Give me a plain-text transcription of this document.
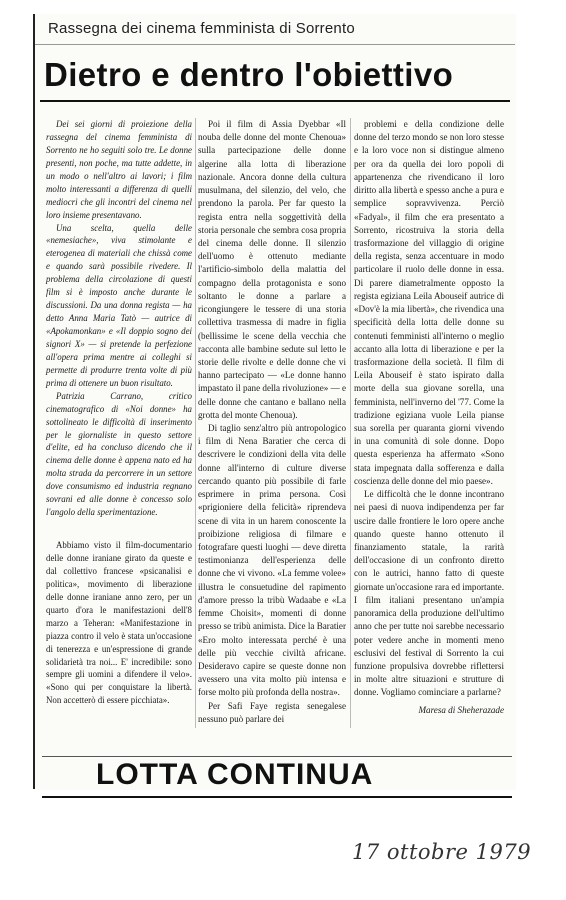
Rassegna dei cinema femminista di Sorrento
Dietro e dentro l'obiettivo

Dei sei giorni di proiezione della rassegna del cinema femminista di Sorrento ne ho seguiti solo tre. Le donne presenti, non poche, ma tutte addette, in un modo o nell'altro ai lavori; i film molto interessanti a differenza di quelli mediocri che gli incontri del cinema nel loro insieme presentavano.

Una scelta, quella delle «nemesiache», viva stimolante e eterogenea di materiali che chissà come e quando sarà possibile rivedere. Il problema della circolazione di questi film si è imposto anche durante le discussioni. Da una donna regista — ha detto Anna Maria Tatò — autrice di «Apokamonkan» e «Il doppio sogno dei signori X» — si pretende la perfezione all'opera prima mentre ai colleghi si permette di produrre trenta volte di più prima di ottenere un buon risultato.

Patrizia Carrano, critico cinematografico di «Noi donne» ha sottolineato le difficoltà di inserimento per le giornaliste in questo settore d'elite, ed ha concluso dicendo che il cinema delle donne è appena nato ed ha molta strada da percorrere in un settore dove consumismo ed industria regnano sovrani ed alle donne è concesso solo l'angolo della sperimentazione.

Abbiamo visto il film-documentario delle donne iraniane girato da queste e dal collettivo francese «psicanalisi e politica», movimento di liberazione delle donne iraniane anno zero, per un quarto d'ora le manifestazioni dell'8 marzo a Teheran: «Manifestazione in piazza contro il velo è stata un'occasione di tenerezza e un'espressione di grande solidarietà tra noi... E' incredibile: sono sempre gli uomini a difendere il velo». «Sono qui per conquistare la libertà. Non accetterò di essere picchiata».

Poi il film di Assia Dyebbar «Il nouba delle donne del monte Chenoua» sulla partecipazione delle donne algerine alla lotta di liberazione nazionale. Ancora donne della cultura musulmana, del silenzio, del velo, che prendono la parola. Per far questo la regista entra nella soggettività della storia personale che sembra cosa propria del cinema delle donne. Il silenzio dell'uomo è ottenuto mediante l'artificio-simbolo della malattia del compagno della protagonista e sono soltanto le donne a parlare a ricongiungere le tessere di una storia collettiva trasmessa di madre in figlia (bellissime le scene della vecchia che racconta alle bambine sedute sul letto le storie delle rivolte e delle donne che vi hanno partecipato — «Le donne hanno impastato il pane della rivoluzione» — e delle donne che cantano e ballano nella grotta del monte Chenoua).

Di taglio senz'altro più antropologico i film di Nena Baratier che cerca di descrivere le condizioni della vita delle donne all'interno di culture diverse cercando quanto più possibile di farle esprimere in prima persona. Così «prigioniere della felicità» riprendeva scene di vita in un harem conoscente la proibizione religiosa di filmare e fotografare questi luoghi — deve diretta testimonianza dell'esperienza delle donne che vi vivono. «La femme volee» illustra le consuetudine del rapimento d'amore presso la tribù Wadaabe e «La femme Choisit», momenti di donne presso se tribù animista. Dice la Baratier «Ero molto interessata perché è una delle più vecchie civiltà africane. Desideravo capire se queste donne non avessero una vita molto più intensa e forse molto più profonda della nostra».

Per Safi Faye regista senegalese nessuno può parlare dei

problemi e della condizione delle donne del terzo mondo se non loro stesse e la loro voce non si distingue almeno per ora da quella dei loro popoli di appartenenza che rivendicano il loro diritto alla libertà e spesso anche a pura e semplice sopravvivenza. Perciò «Fadyal», il film che era presentato a Sorrento, ricostruiva la storia della trasformazione del villaggio di origine della regista, senza accentuare in modo particolare il ruolo delle donne in essa. Di parere diametralmente opposto la regista egiziana Leila Abouseif autrice di «Dov'è la mia libertà», che rivendica una specificità della lotta delle donne su contenuti femministi all'interno o meglio accanto alla lotta di liberazione e per la trasformazione della società. Il film di Leila Abouseif è stato ispirato dalla morte della sua giovane sorella, una femminista, nell'inverno del '77. Come la tradizione egiziana vuole Leila pianse sua sorella per quaranta giorni vivendo in una comunità di sole donne. Dopo questa esperienza ha affermato «Sono stata impegnata dalla sofferenza e dalla coscienza delle donne del mio paese».

Le difficoltà che le donne incontrano nei paesi di nuova indipendenza per far uscire dalle frontiere le loro opere anche quando queste hanno ottenuto il finanziamento statale, la rarità dell'occasione di un confronto diretto con le autrici, hanno fatto di queste giornate un'occasione rara ed importante. I film italiani presentano un'ampia panoramica della produzione dell'ultimo anno che per tutte noi sarebbe necessario poter vedere anche in momenti meno esclusivi del festival di Sorrento la cui funzione propulsiva dovrebbe riflettersi in molte altre situazioni e strutture di donne. Vogliamo cominciare a parlarne?

Maresa di Sheherazade
LOTTA CONTINUA
17 ottobre 1979
